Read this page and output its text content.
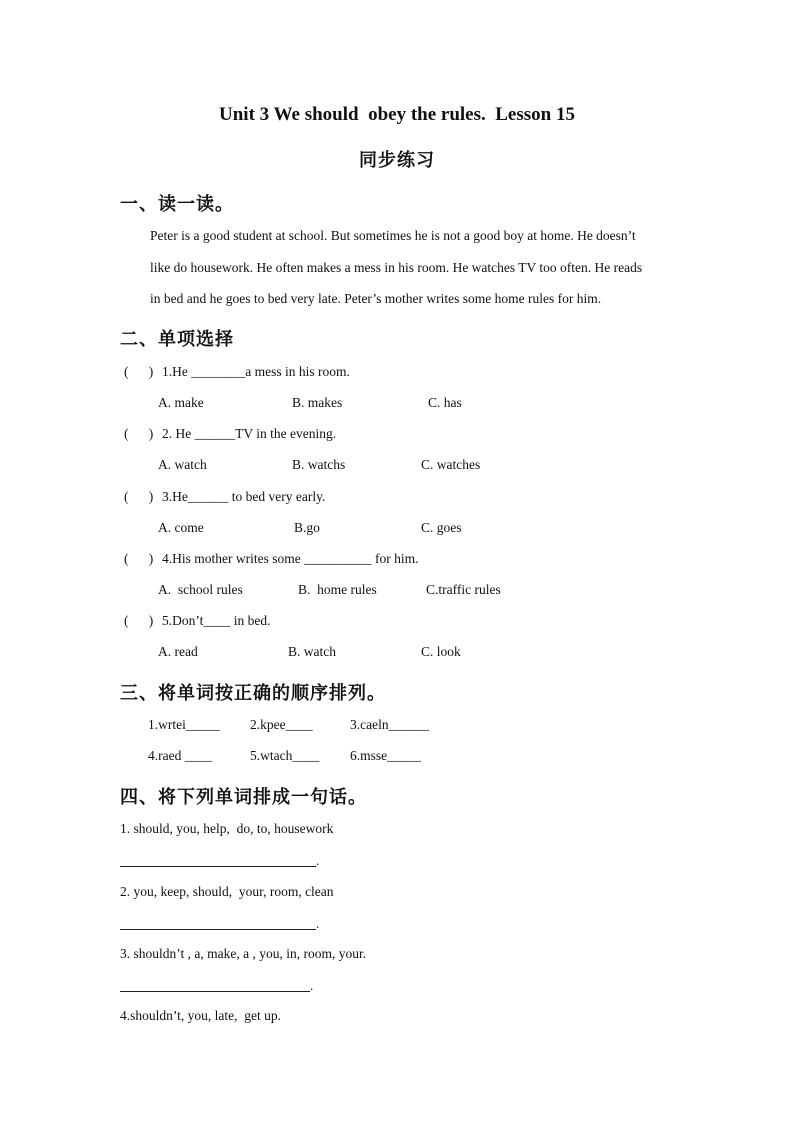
Unit 3 We should  obey the rules.  Lesson 15
同步练习
一、读一读。
Peter is a good student at school. But sometimes he is not a good boy at home. He doesn’t
like do housework. He often makes a mess in his room. He watches TV too often. He reads
in bed and he goes to bed very late. Peter’s mother writes some home rules for him.
二、单项选择
(      ) 1.He ________a mess in his room.
A. make	B. makes	C. has
(      ) 2. He ______TV in the evening.
A. watch	B. watchs	C. watches
(      ) 3.He______ to bed very early.
A. come	B.go	C. goes
(      ) 4.His mother writes some __________ for him.
A.  school rules	B.  home rules	C.traffic rules
(      ) 5.Don’t____ in bed.
A. read	B. watch	C. look
三、将单词按正确的顺序排列。
1.wrtei_____ 2.kpee____	3.caeln______
4.raed ____	5.wtach____ 6.msse_____
四、将下列单词排成一句话。
1. should, you, help,  do, to, housework
.
2. you, keep, should,  your, room, clean
.
3. shouldn’t , a, make, a , you, in, room, your.
.
4.shouldn’t, you, late,  get up.
